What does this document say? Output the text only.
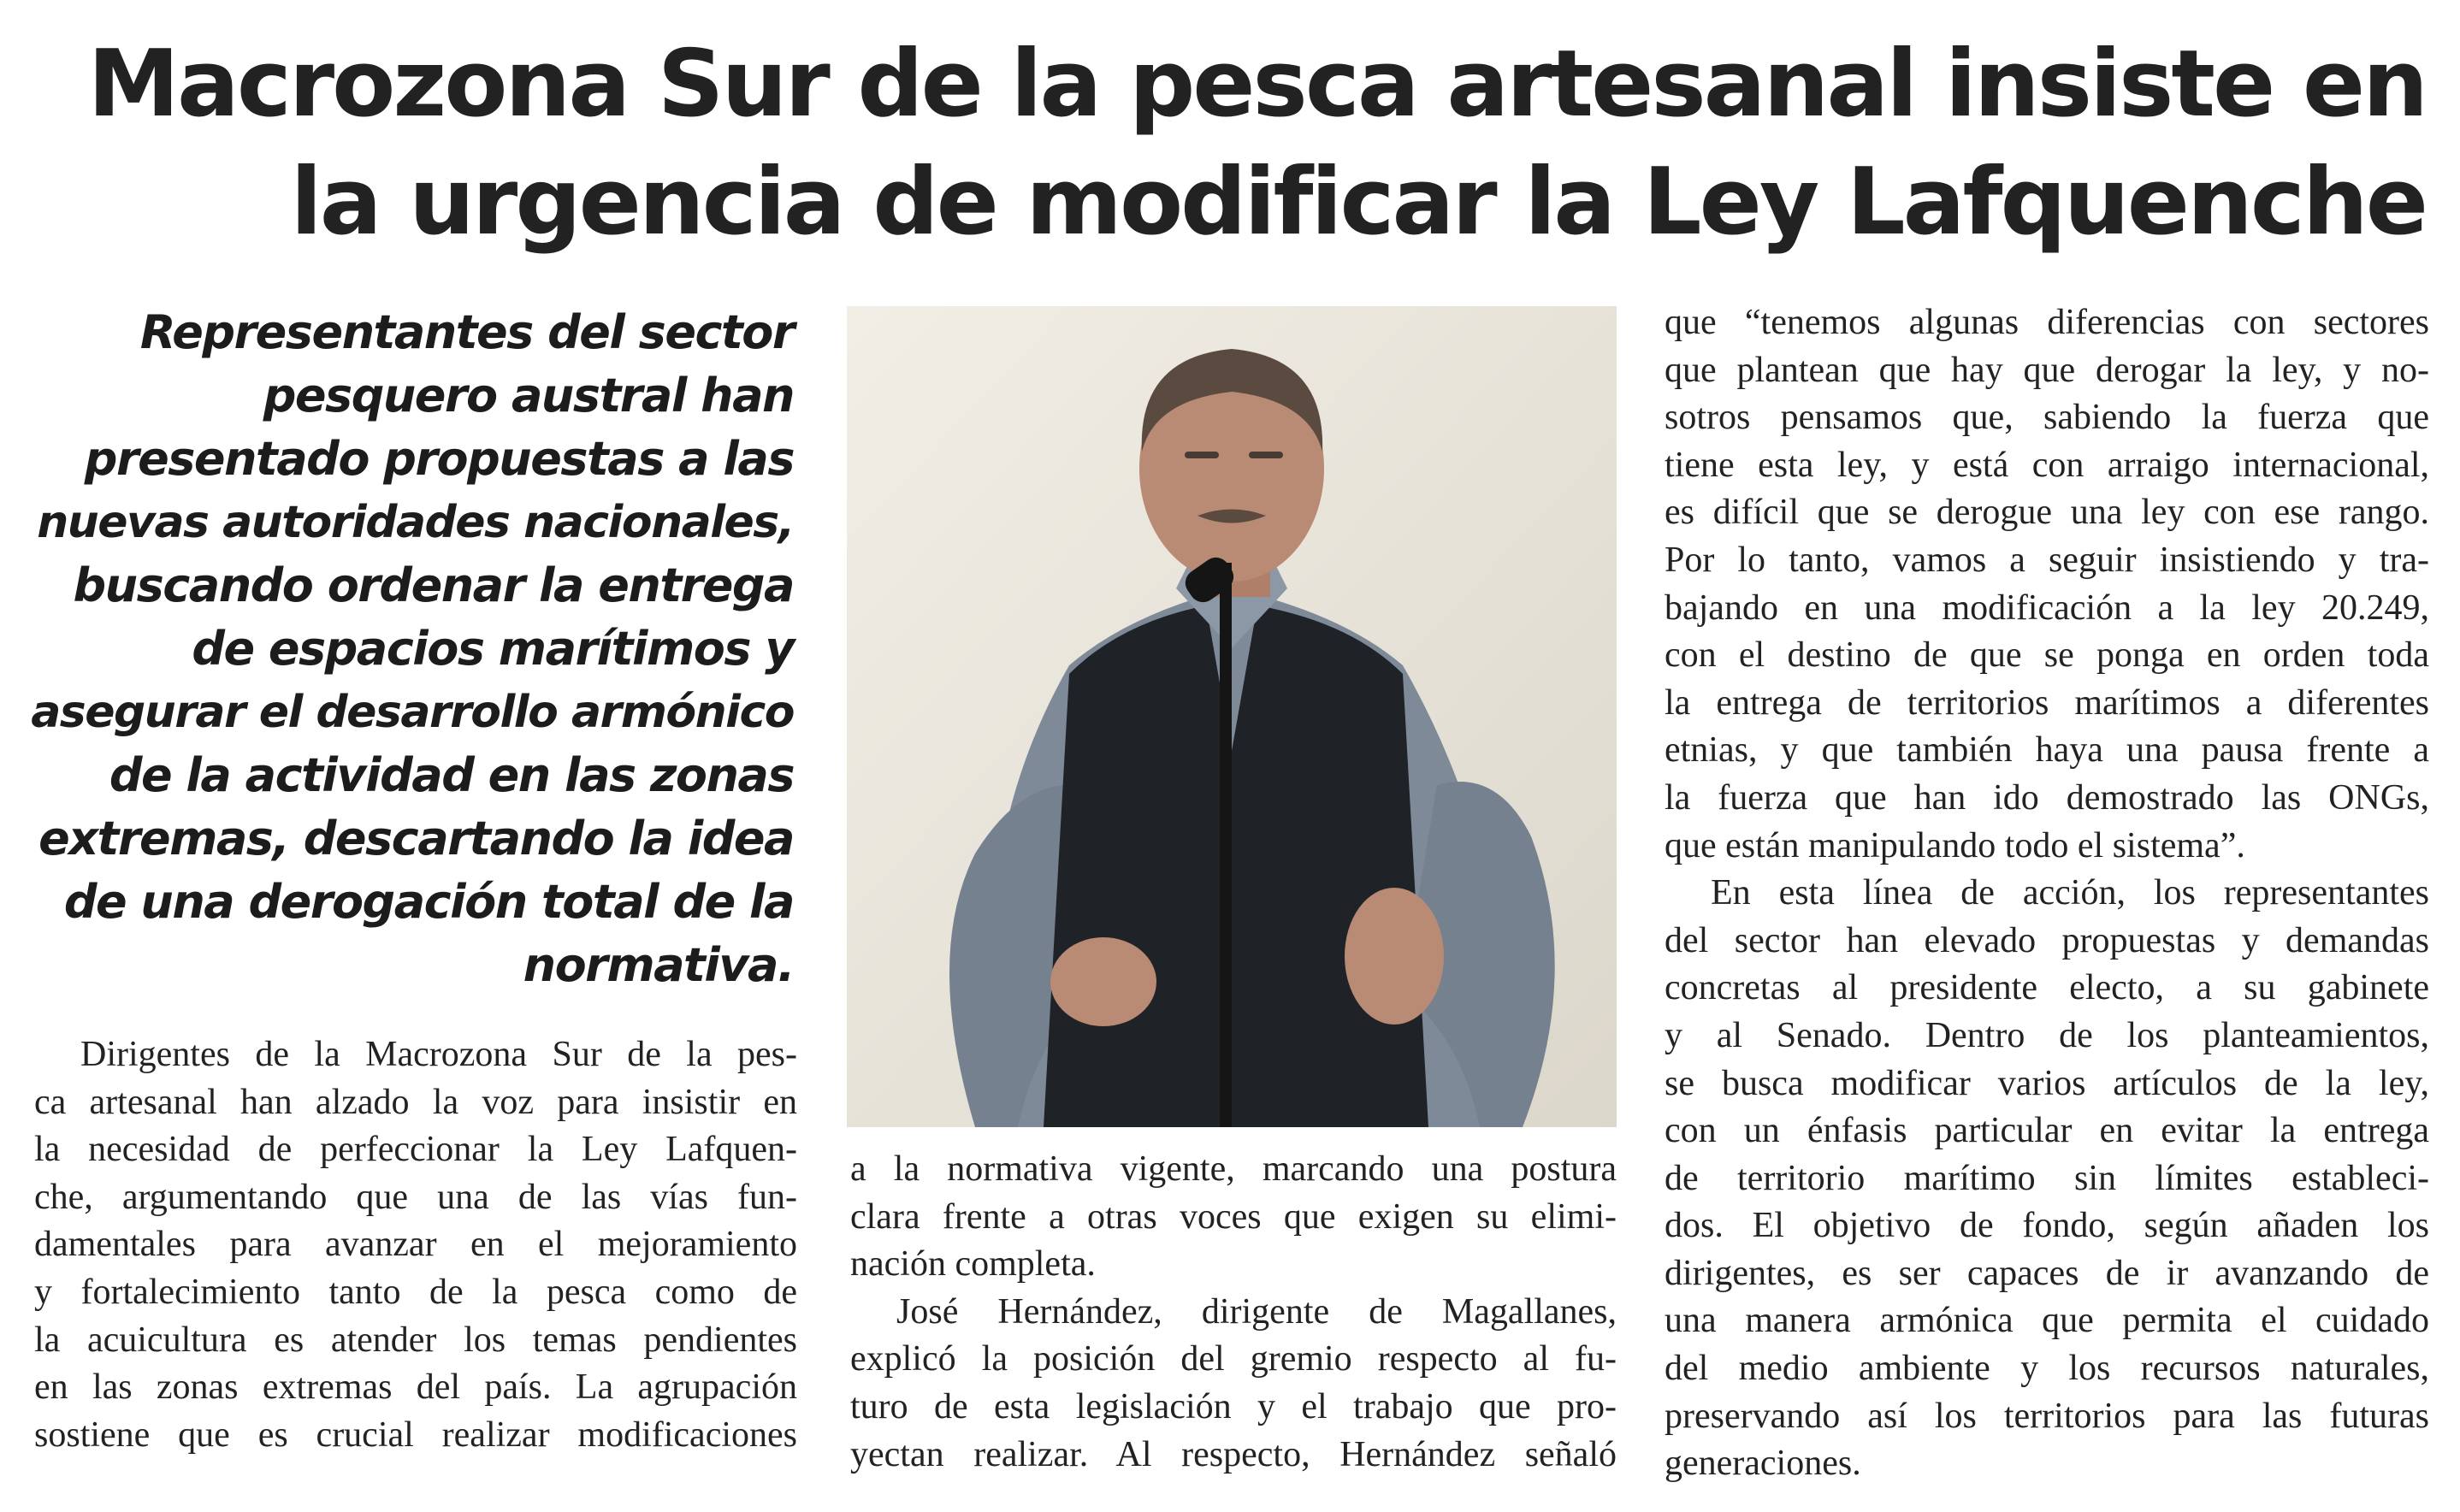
Macrozona Sur de la pesca artesanal insiste en
la urgencia de modificar la Ley Lafquenche
Representantes del sector
pesquero austral han
presentado propuestas a las
nuevas autoridades nacionales,
buscando ordenar la entrega
de espacios marítimos y
asegurar el desarrollo armónico
de la actividad en las zonas
extremas, descartando la idea
de una derogación total de la
normativa.
Dirigentes de la Macrozona Sur de la pes-
ca artesanal han alzado la voz para insistir en
la necesidad de perfeccionar la Ley Lafquen-
che, argumentando que una de las vías fun-
damentales para avanzar en el mejoramiento
y fortalecimiento tanto de la pesca como de
la acuicultura es atender los temas pendientes
en las zonas extremas del país. La agrupación
sostiene que es crucial realizar modificaciones
a la normativa vigente, marcando una postura
clara frente a otras voces que exigen su elimi-
nación completa.
José Hernández, dirigente de Magallanes,
explicó la posición del gremio respecto al fu-
turo de esta legislación y el trabajo que pro-
yectan realizar. Al respecto, Hernández señaló
que “tenemos algunas diferencias con sectores
que plantean que hay que derogar la ley, y no-
sotros pensamos que, sabiendo la fuerza que
tiene esta ley, y está con arraigo internacional,
es difícil que se derogue una ley con ese rango.
Por lo tanto, vamos a seguir insistiendo y tra-
bajando en una modificación a la ley 20.249,
con el destino de que se ponga en orden toda
la entrega de territorios marítimos a diferentes
etnias, y que también haya una pausa frente a
la fuerza que han ido demostrado las ONGs,
que están manipulando todo el sistema”.
En esta línea de acción, los representantes
del sector han elevado propuestas y demandas
concretas al presidente electo, a su gabinete
y al Senado. Dentro de los planteamientos,
se busca modificar varios artículos de la ley,
con un énfasis particular en evitar la entrega
de territorio marítimo sin límites estableci-
dos. El objetivo de fondo, según añaden los
dirigentes, es ser capaces de ir avanzando de
una manera armónica que permita el cuidado
del medio ambiente y los recursos naturales,
preservando así los territorios para las futuras
generaciones.
